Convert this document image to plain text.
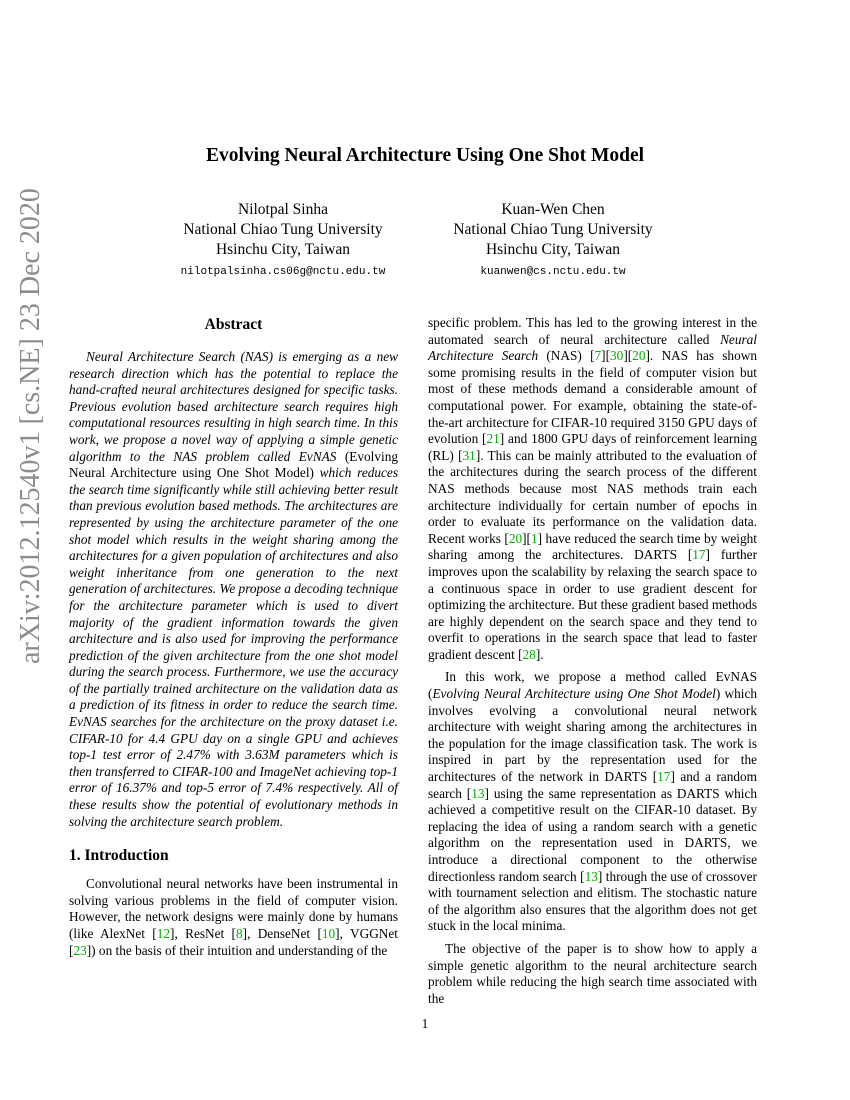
Evolving Neural Architecture Using One Shot Model
Nilotpal Sinha
National Chiao Tung University
Hsinchu City, Taiwan
nilotpalsinha.cs06g@nctu.edu.tw
Kuan-Wen Chen
National Chiao Tung University
Hsinchu City, Taiwan
kuanwen@cs.nctu.edu.tw
arXiv:2012.12540v1 [cs.NE] 23 Dec 2020	Abstract

Neural Architecture Search (NAS) is emerging as a new research direction which has the potential to replace the hand-crafted neural architectures designed for specific tasks. Previous evolution based architecture search requires high computational resources resulting in high search time. In this work, we propose a novel way of applying a simple genetic algorithm to the NAS problem called EvNAS (Evolving Neural Architecture using One Shot Model) which reduces the search time significantly while still achieving better result than previous evolution based methods. The architectures are represented by using the architecture parameter of the one shot model which results in the weight sharing among the architectures for a given population of architectures and also weight inheritance from one generation to the next generation of architectures. We propose a decoding technique for the architecture parameter which is used to divert majority of the gradient information towards the given architecture and is also used for improving the performance prediction of the given architecture from the one shot model during the search process. Furthermore, we use the accuracy of the partially trained architecture on the validation data as a prediction of its fitness in order to reduce the search time. EvNAS searches for the architecture on the proxy dataset i.e. CIFAR-10 for 4.4 GPU day on a single GPU and achieves top-1 test error of 2.47% with 3.63M parameters which is then transferred to CIFAR-100 and ImageNet achieving top-1 error of 16.37% and top-5 error of 7.4% respectively. All of these results show the potential of evolutionary methods in solving the architecture search problem.

1. Introduction

Convolutional neural networks have been instrumental in solving various problems in the field of computer vision. However, the network designs were mainly done by humans (like AlexNet [12], ResNet [8], DenseNet [10], VGGNet [23]) on the basis of their intuition and understanding of the

specific problem. This has led to the growing interest in the automated search of neural architecture called Neural Architecture Search (NAS) [7][30][20]. NAS has shown some promising results in the field of computer vision but most of these methods demand a considerable amount of computational power. For example, obtaining the state-of-the-art architecture for CIFAR-10 required 3150 GPU days of evolution [21] and 1800 GPU days of reinforcement learning (RL) [31]. This can be mainly attributed to the evaluation of the architectures during the search process of the different NAS methods because most NAS methods train each architecture individually for certain number of epochs in order to evaluate its performance on the validation data. Recent works [20][1] have reduced the search time by weight sharing among the architectures. DARTS [17] further improves upon the scalability by relaxing the search space to a continuous space in order to use gradient descent for optimizing the architecture. But these gradient based methods are highly dependent on the search space and they tend to overfit to operations in the search space that lead to faster gradient descent [28].

In this work, we propose a method called EvNAS (Evolving Neural Architecture using One Shot Model) which involves evolving a convolutional neural network architecture with weight sharing among the architectures in the population for the image classification task. The work is inspired in part by the representation used for the architectures of the network in DARTS [17] and a random search [13] using the same representation as DARTS which achieved a competitive result on the CIFAR-10 dataset. By replacing the idea of using a random search with a genetic algorithm on the representation used in DARTS, we introduce a directional component to the otherwise directionless random search [13] through the use of crossover with tournament selection and elitism. The stochastic nature of the algorithm also ensures that the algorithm does not get stuck in the local minima.

The objective of the paper is to show how to apply a simple genetic algorithm to the neural architecture search problem while reducing the high search time associated with the

1
